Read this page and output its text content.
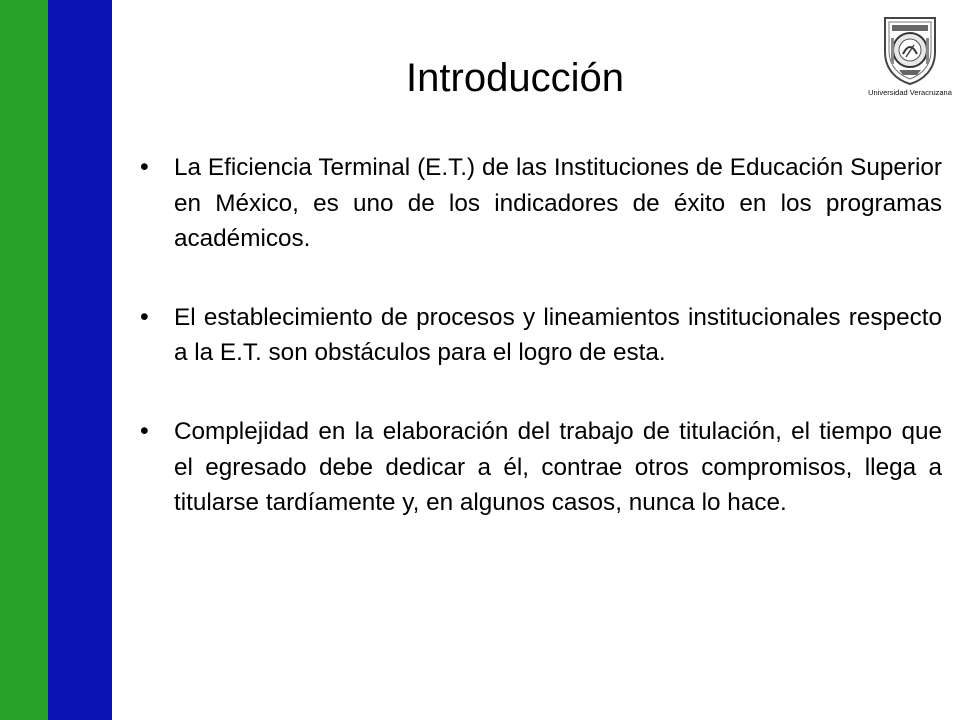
Introducción	Universidad Veracruzana
• La Eficiencia Terminal (E.T.) de las Instituciones de Educación Superior en México, es uno de los indicadores de éxito en los programas académicos.
• El establecimiento de procesos y lineamientos institucionales respecto a la E.T. son obstáculos para el logro de esta.
• Complejidad en la elaboración del trabajo de titulación, el tiempo que el egresado debe dedicar a él, contrae otros compromisos, llega a titularse tardíamente y, en algunos casos, nunca lo hace.
